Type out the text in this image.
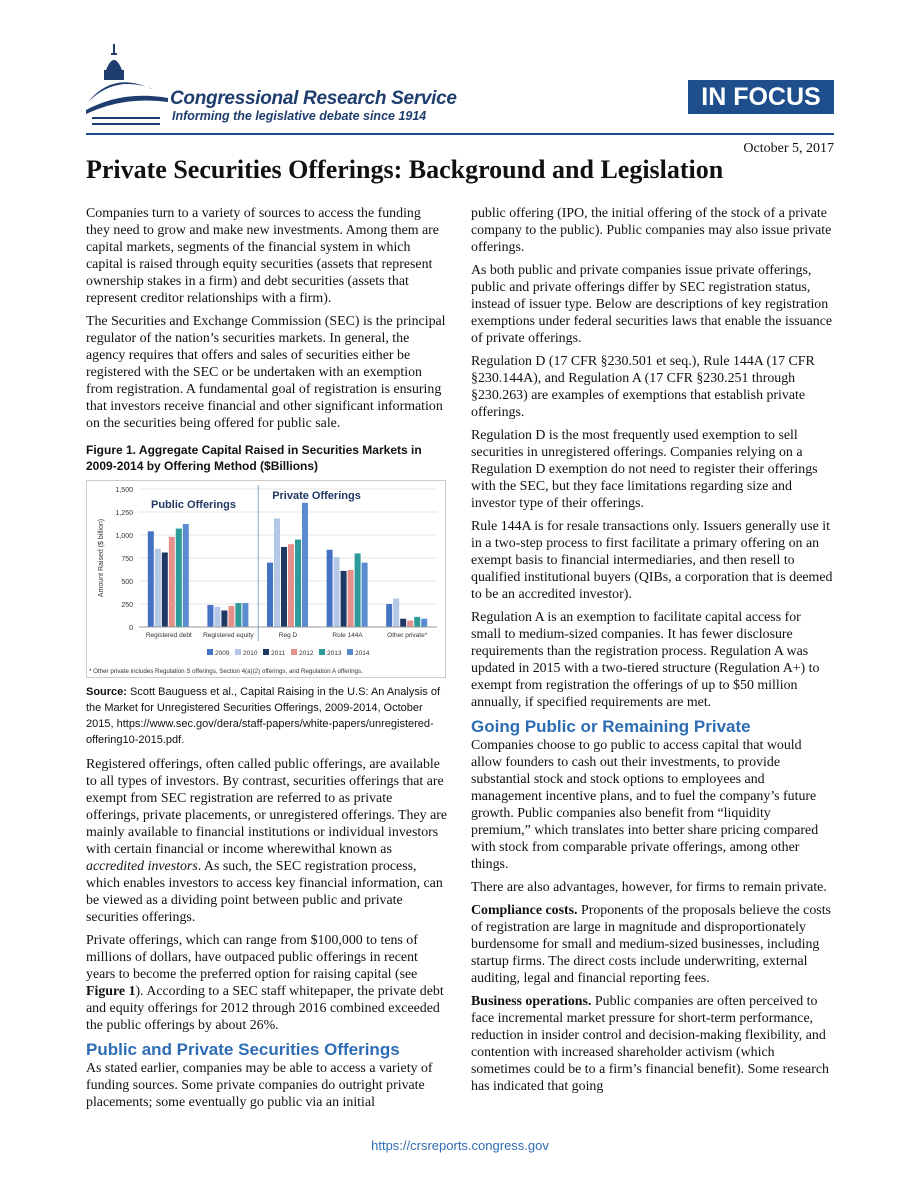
Congressional Research Service
Informing the legislative debate since 1914
IN FOCUS
October 5, 2017
Private Securities Offerings: Background and Legislation

Companies turn to a variety of sources to access the funding they need to grow and make new investments. Among them are capital markets, segments of the financial system in which capital is raised through equity securities (assets that represent ownership stakes in a firm) and debt securities (assets that represent creditor relationships with a firm).

The Securities and Exchange Commission (SEC) is the principal regulator of the nation’s securities markets. In general, the agency requires that offers and sales of securities either be registered with the SEC or be undertaken with an exemption from registration. A fundamental goal of registration is ensuring that investors receive financial and other significant information on the securities being offered for public sale.

Figure 1. Aggregate Capital Raised in Securities Markets in 2009-2014 by Offering Method ($Billions)
0
250
500
750
1,000
1,250
1,500
Amount Raised ($ billion)
Public Offerings
Private Offerings
Registered debt Registered equity	Reg D	Rule 144A	Other private*
2009 2010 2011 2012 2013 2014
* Other private includes Regulation S offerings, Section 4(a)(2) offerings, and Regulation A offerings.
Source: Scott Bauguess et al., Capital Raising in the U.S: An Analysis of the Market for Unregistered Securities Offerings, 2009-2014, October 2015, https://www.sec.gov/dera/staff-papers/white-papers/unregistered-offering10-2015.pdf.

Registered offerings, often called public offerings, are available to all types of investors. By contrast, securities offerings that are exempt from SEC registration are referred to as private offerings, private placements, or unregistered offerings. They are mainly available to financial institutions or individual investors with certain financial or income wherewithal known as accredited investors. As such, the SEC registration process, which enables investors to access key financial information, can be viewed as a dividing point between public and private securities offerings.

Private offerings, which can range from $100,000 to tens of millions of dollars, have outpaced public offerings in recent years to become the preferred option for raising capital (see Figure 1). According to a SEC staff whitepaper, the private debt and equity offerings for 2012 through 2016 combined exceeded the public offerings by about 26%.

Public and Private Securities Offerings

As stated earlier, companies may be able to access a variety of funding sources. Some private companies do outright private placements; some eventually go public via an initial

public offering (IPO, the initial offering of the stock of a private company to the public). Public companies may also issue private offerings.

As both public and private companies issue private offerings, public and private offerings differ by SEC registration status, instead of issuer type. Below are descriptions of key registration exemptions under federal securities laws that enable the issuance of private offerings.

Regulation D (17 CFR §230.501 et seq.), Rule 144A (17 CFR §230.144A), and Regulation A (17 CFR §230.251 through §230.263) are examples of exemptions that establish private offerings.

Regulation D is the most frequently used exemption to sell securities in unregistered offerings. Companies relying on a Regulation D exemption do not need to register their offerings with the SEC, but they face limitations regarding size and investor type of their offerings.

Rule 144A is for resale transactions only. Issuers generally use it in a two-step process to first facilitate a primary offering on an exempt basis to financial intermediaries, and then resell to qualified institutional buyers (QIBs, a corporation that is deemed to be an accredited investor).

Regulation A is an exemption to facilitate capital access for small to medium-sized companies. It has fewer disclosure requirements than the registration process. Regulation A was updated in 2015 with a two-tiered structure (Regulation A+) to exempt from registration the offerings of up to $50 million annually, if specified requirements are met.

Going Public or Remaining Private

Companies choose to go public to access capital that would allow founders to cash out their investments, to provide substantial stock and stock options to employees and management incentive plans, and to fuel the company’s future growth. Public companies also benefit from “liquidity premium,” which translates into better share pricing compared with stock from comparable private offerings, among other things.

There are also advantages, however, for firms to remain private.

Compliance costs. Proponents of the proposals believe the costs of registration are large in magnitude and disproportionately burdensome for small and medium-sized businesses, including startup firms. The direct costs include underwriting, external auditing, legal and financial reporting fees.

Business operations. Public companies are often perceived to face incremental market pressure for short-term performance, reduction in insider control and decision-making flexibility, and contention with increased shareholder activism (which sometimes could be to a firm’s financial benefit). Some research has indicated that going

https://crsreports.congress.gov
